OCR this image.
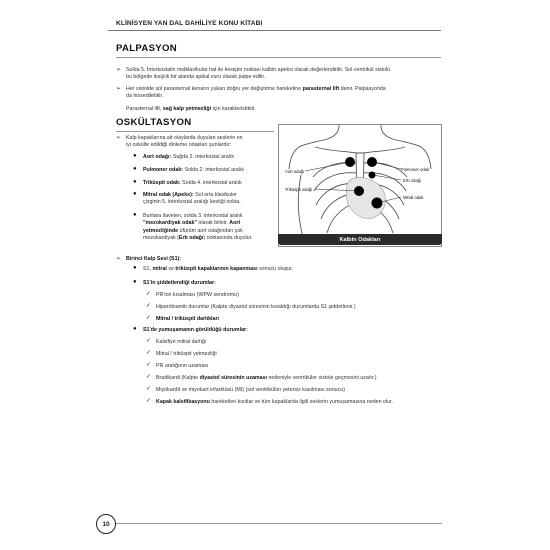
KLİNİSYEN YAN DAL DAHİLİYE KONU KİTABI
PALPASYON
➢ Solda 5. İnterkostalin midklavikular hat ile kesişim noktası kalbin apeksi olarak değerlendirilir. Sol ventrikül sistolü
bu bölgede ıksijcik bir alanda apikal vuru olarak palpe edilir.
➢ Her sistolde sol parasternal kenarın yukarı doğru yer değiştirme hareketine parasternal lift denir. Palpasyonda
da hissedilebilir.
Parasternal lift, sağ kalp yetmezliği için karakteristiktir.
OSKÜLTASYON
➢ Kalp kapaklarına ait olaylarda duyulan seslerin en
iyi oskülte edildiği dinleme odakları şunlardır:
● Aort odağı: Sağda 2. interkostal aralık
● Pulmoner odak: Solda 2. interkostal aralık
● Triküspit odak: Solda 4. interkostal aralık
● Mitral odak (Apeks): Sol orta klavikuler
çizginin 5. interkostal aralığı kestiği nokta.
● Bunlara ilaveten, solda 3. interkostal aralık
"mezokardiyak odak" olarak bilinir. Aort
yetmezliğinde üfürüm aort odağından çok
mezokardiyak (Erb odağı) noktasında duyulur.
Aort odağı	Pulmoner odak
Erb odağı
Triküspit odağı
Mitral odak
Kalbin Odakları
➢ Birinci Kalp Sesi (S1):
● S1, mitral ve triküspit kapaklarının kapanması sonucu oluşur.
● S1'in şiddetlendiği durumlar:
✓ PR'nin kısalması (WPW sendromu)
✓ Hiperdinamik durumlar (Kalpte diyastol süresinin kısaldığı durumlarda S1 şiddetlenir.)
✓ Mitral / triküspit darlıkları
● S1'de yumuşamanın görüldüğü durumlar:
✓ Kalsifiye mitral darlığı
✓ Mitral / triküspit yetmezliği
✓ PR aralığının uzaması
✓ Bradikardi (Kalpte diyastol süresinin uzaması nedeniyle ventriküler sistole geçmesini uzatır.)
✓ Miyokardit ve miyokart infarktüsü (MI) (sol ventrikülün yetersiz kasılması sonucu)
✓ Kapak kalsifikasyonu hareketleri kısıtlar ve tüm kapaklarda ilgili seslerin yumuşamasına neden olur.
10
